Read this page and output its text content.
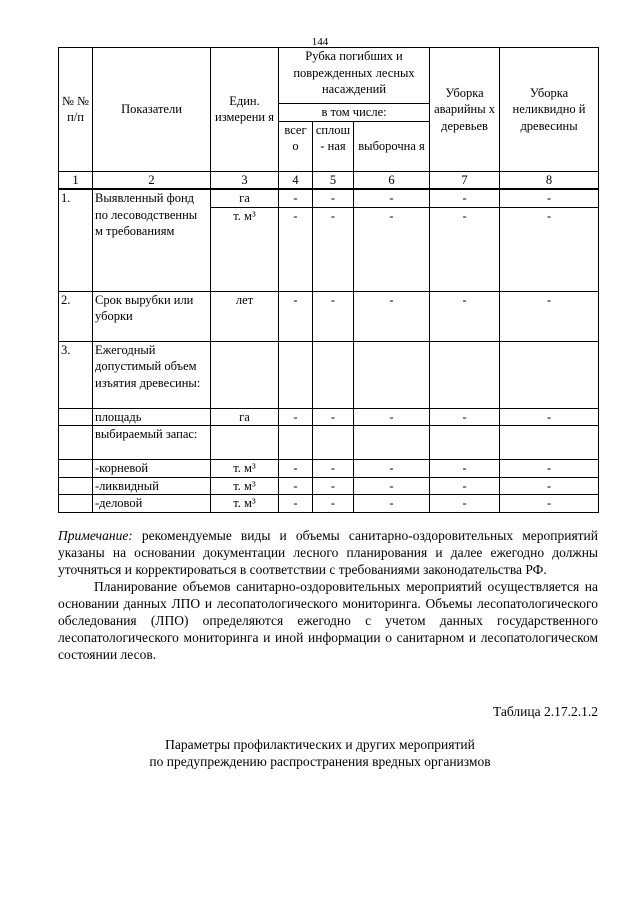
144
№ № п/п	Показатели	Един. измерени я	Рубка погибших и поврежденных лесных насаждений			Уборка аварийны х деревьев	Уборка неликвидно й древесины
			в том числе:				
			всег о	сплош - ная	выборочна я		
1	2	3	4	5	6	7	8
1.	Выявленный фонд по лесоводственны м требованиям	га	-	-	-	-	-
		т. м³	-	-	-	-	-
2.	Срок вырубки или уборки	лет	-	-	-	-	-
3.	Ежегодный допустимый объем изъятия древесины:						
	площадь	га	-	-	-	-	-
	выбираемый запас:						
	-корневой	т. м³	-	-	-	-	-
	-ликвидный	т. м³	-	-	-	-	-
	-деловой	т. м³	-	-	-	-	-

Примечание: рекомендуемые виды и объемы санитарно-оздоровительных мероприятий указаны на основании документации лесного планирования и далее ежегодно должны уточняться и корректироваться в соответствии с требованиями законодательства РФ.

Планирование объемов санитарно-оздоровительных мероприятий осуществляется на основании данных ЛПО и лесопатологического мониторинга. Объемы лесопатологического обследования (ЛПО) определяются ежегодно с учетом данных государственного лесопатологического мониторинга и иной информации о санитарном и лесопатологическом состоянии лесов.

Таблица 2.17.2.1.2
Параметры профилактических и других мероприятий
по предупреждению распространения вредных организмов
